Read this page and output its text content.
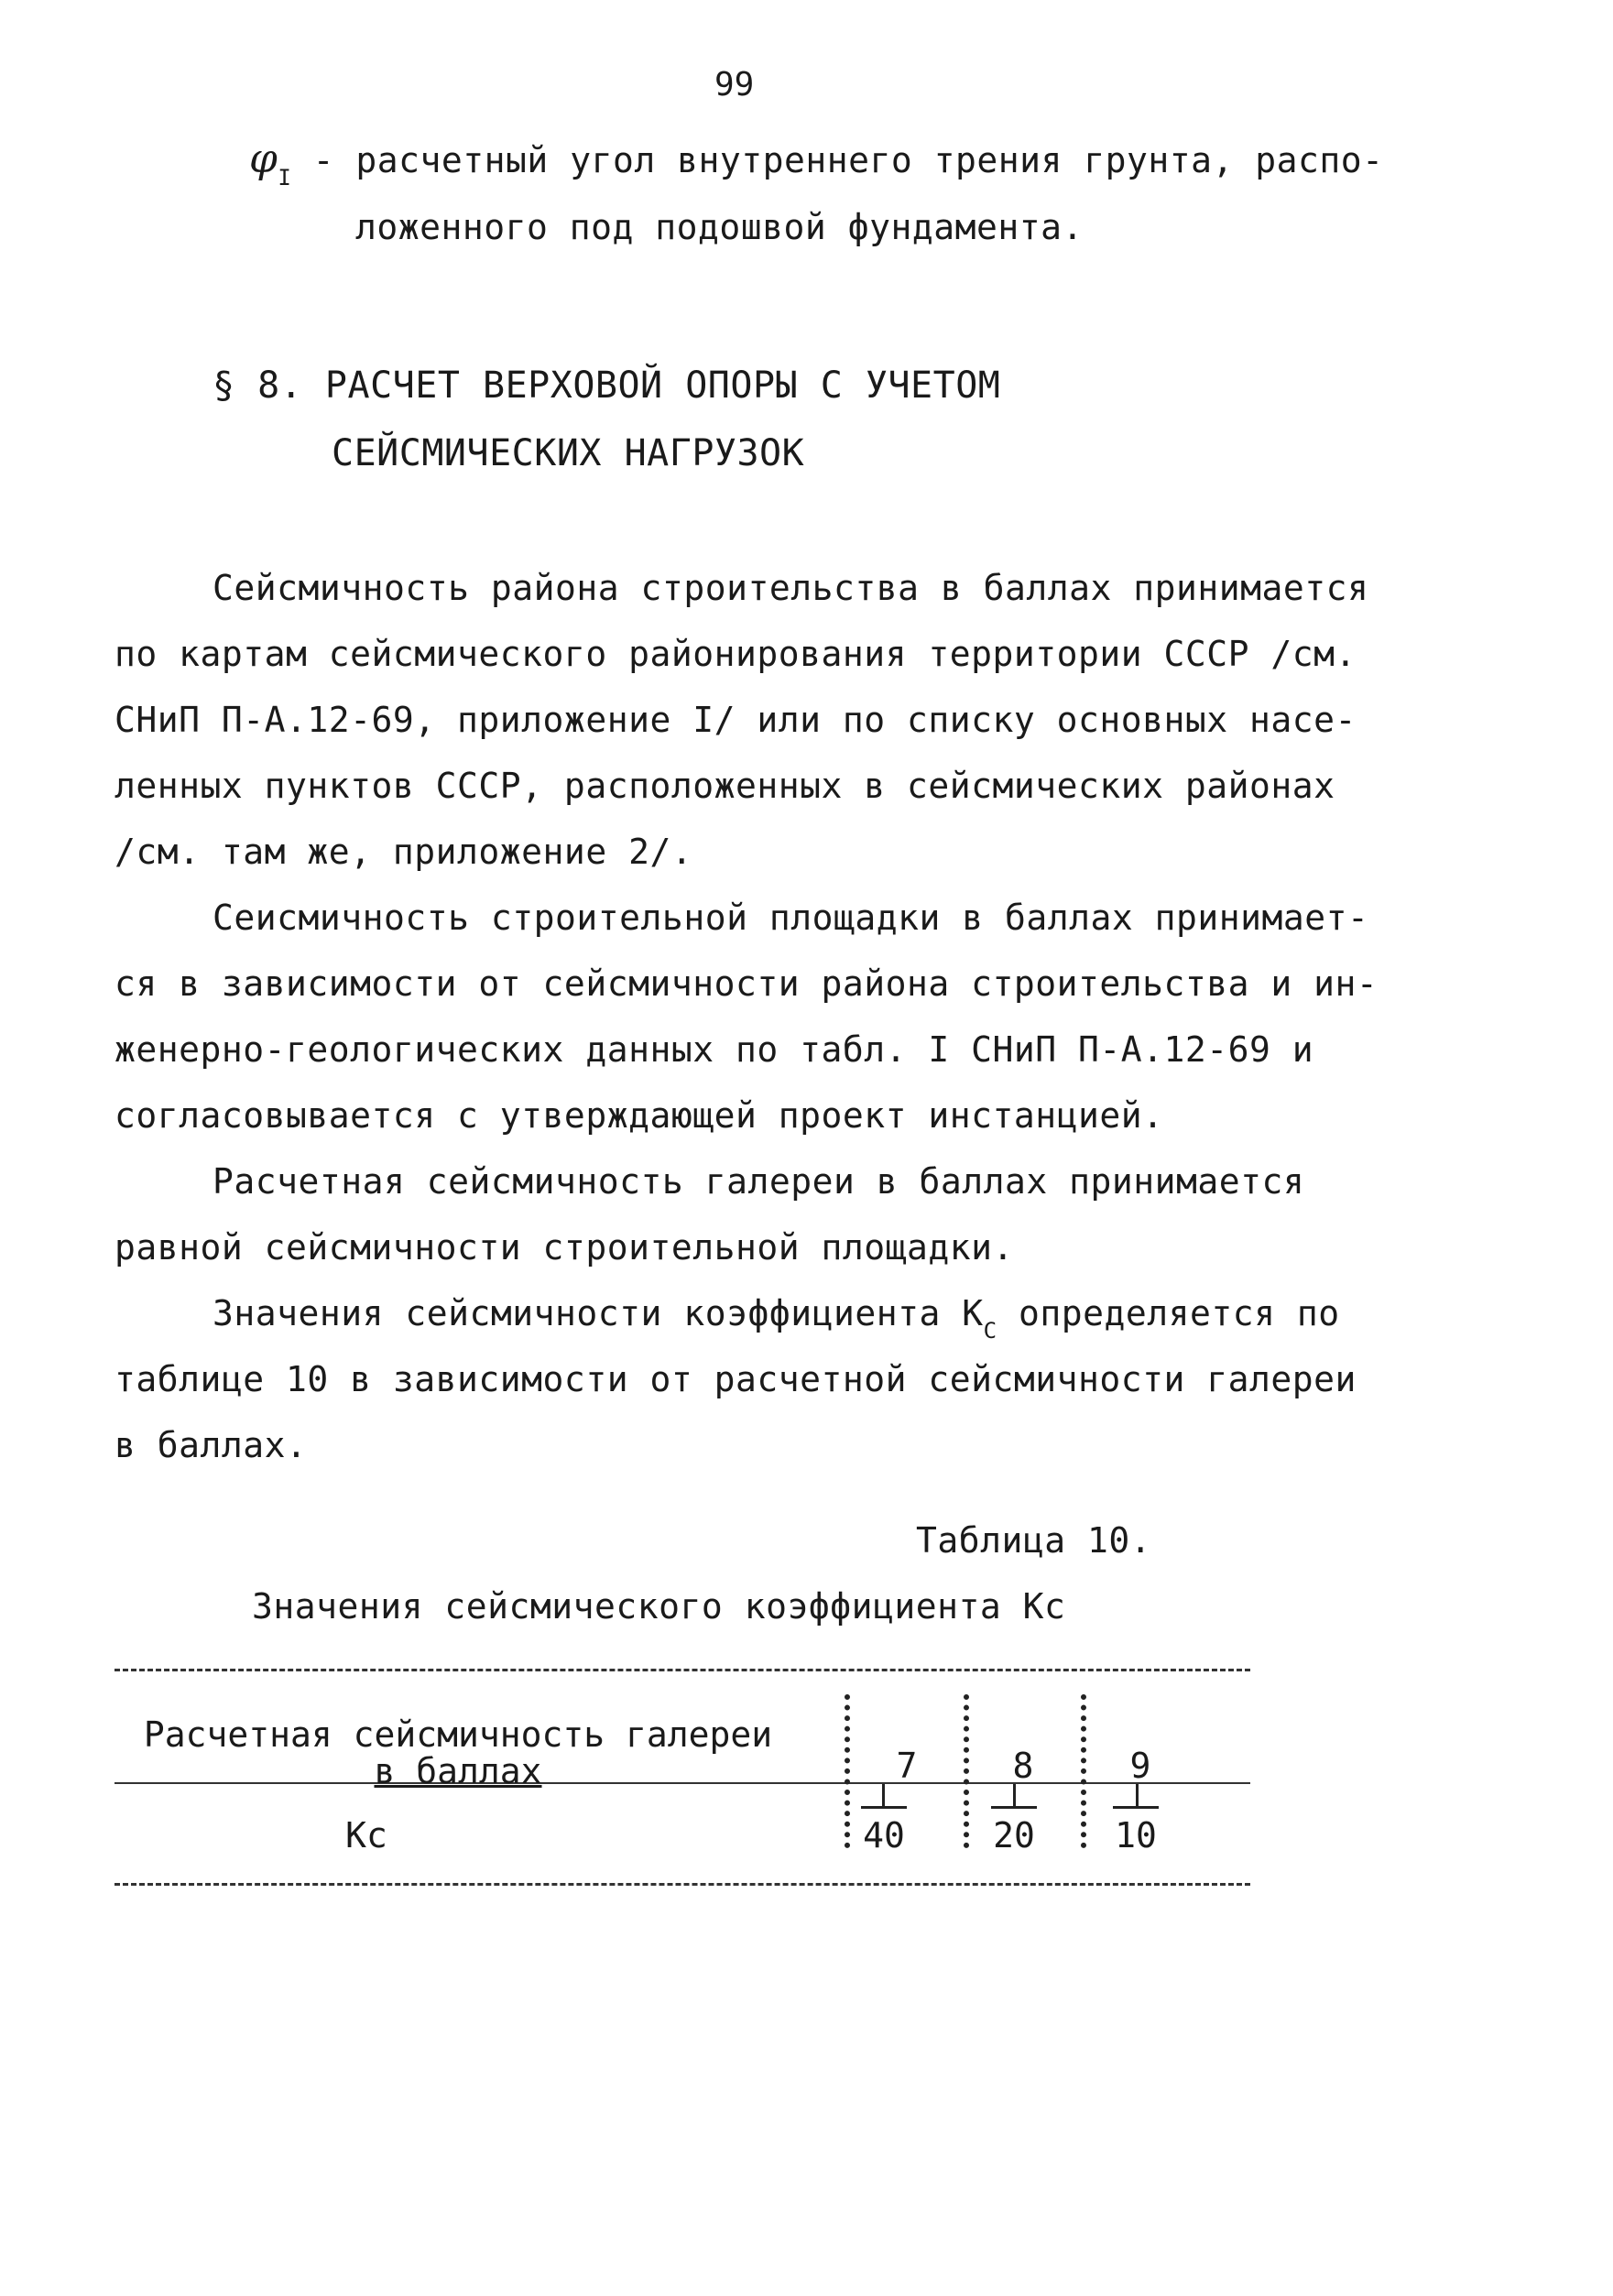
99
$\varphi_I$ - расчетный угол внутреннего трения грунта, распо-
ложенного под подошвой фундамента.
§ 8. РАСЧЕТ ВЕРХОВОЙ ОПОРЫ С УЧЕТОМ
СЕЙСМИЧЕСКИХ НАГРУЗОК
Сейсмичность района строительства в баллах принимается
по картам сейсмического районирования территории СССР /см.
СНиП П-А.12-69, приложение I/ или по списку основных насе-
ленных пунктов СССР, расположенных в сейсмических районах
/см. там же, приложение 2/.
Сеисмичность строительной площадки в баллах принимает-
ся в зависимости от сейсмичности района строительства и ин-
женерно-геологических данных по табл. I СНиП П-А.12-69 и
согласовывается с утверждающей проект инстанцией.
Расчетная сейсмичность галереи в баллах принимается
равной сейсмичности строительной площадки.
Значения сейсмичности коэффициента $К_С$ определяется по
таблице 10 в зависимости от расчетной сейсмичности галереи
в баллах.
Таблица 10.
Значения сейсмического коэффициента Кс
Расчетная сейсмичность галереи
в баллах
Кс
7
40
8
20
9
10
